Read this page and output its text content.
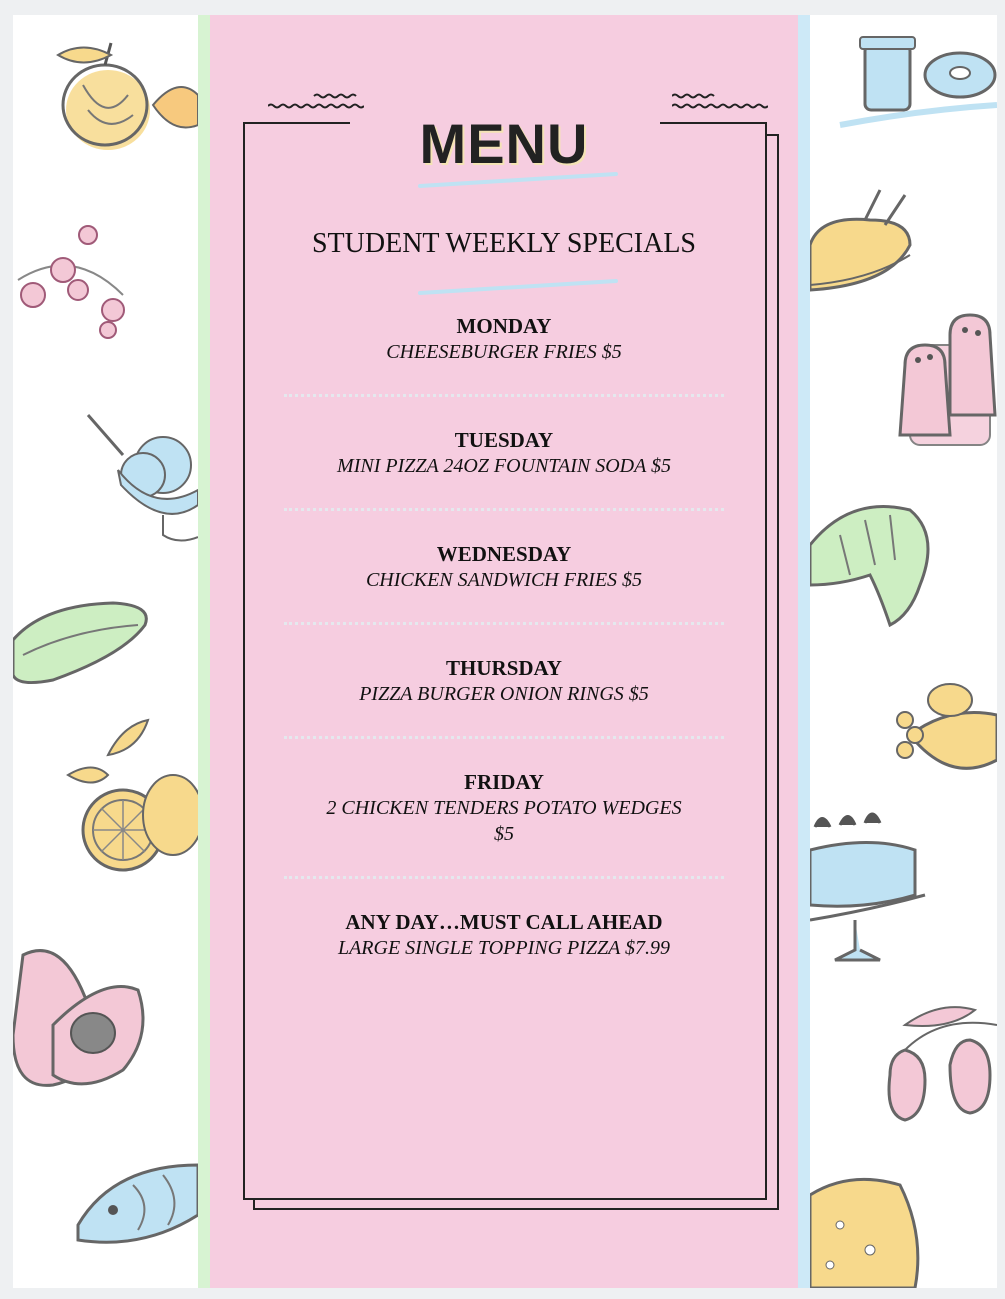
MENU
STUDENT WEEKLY SPECIALS
MONDAY
CHEESEBURGER FRIES $5
TUESDAY
MINI PIZZA 24OZ FOUNTAIN SODA $5
WEDNESDAY
CHICKEN SANDWICH FRIES $5
THURSDAY
PIZZA BURGER ONION RINGS $5
FRIDAY
2 CHICKEN TENDERS POTATO WEDGES
$5
ANY DAY…MUST CALL AHEAD
LARGE SINGLE TOPPING PIZZA $7.99
